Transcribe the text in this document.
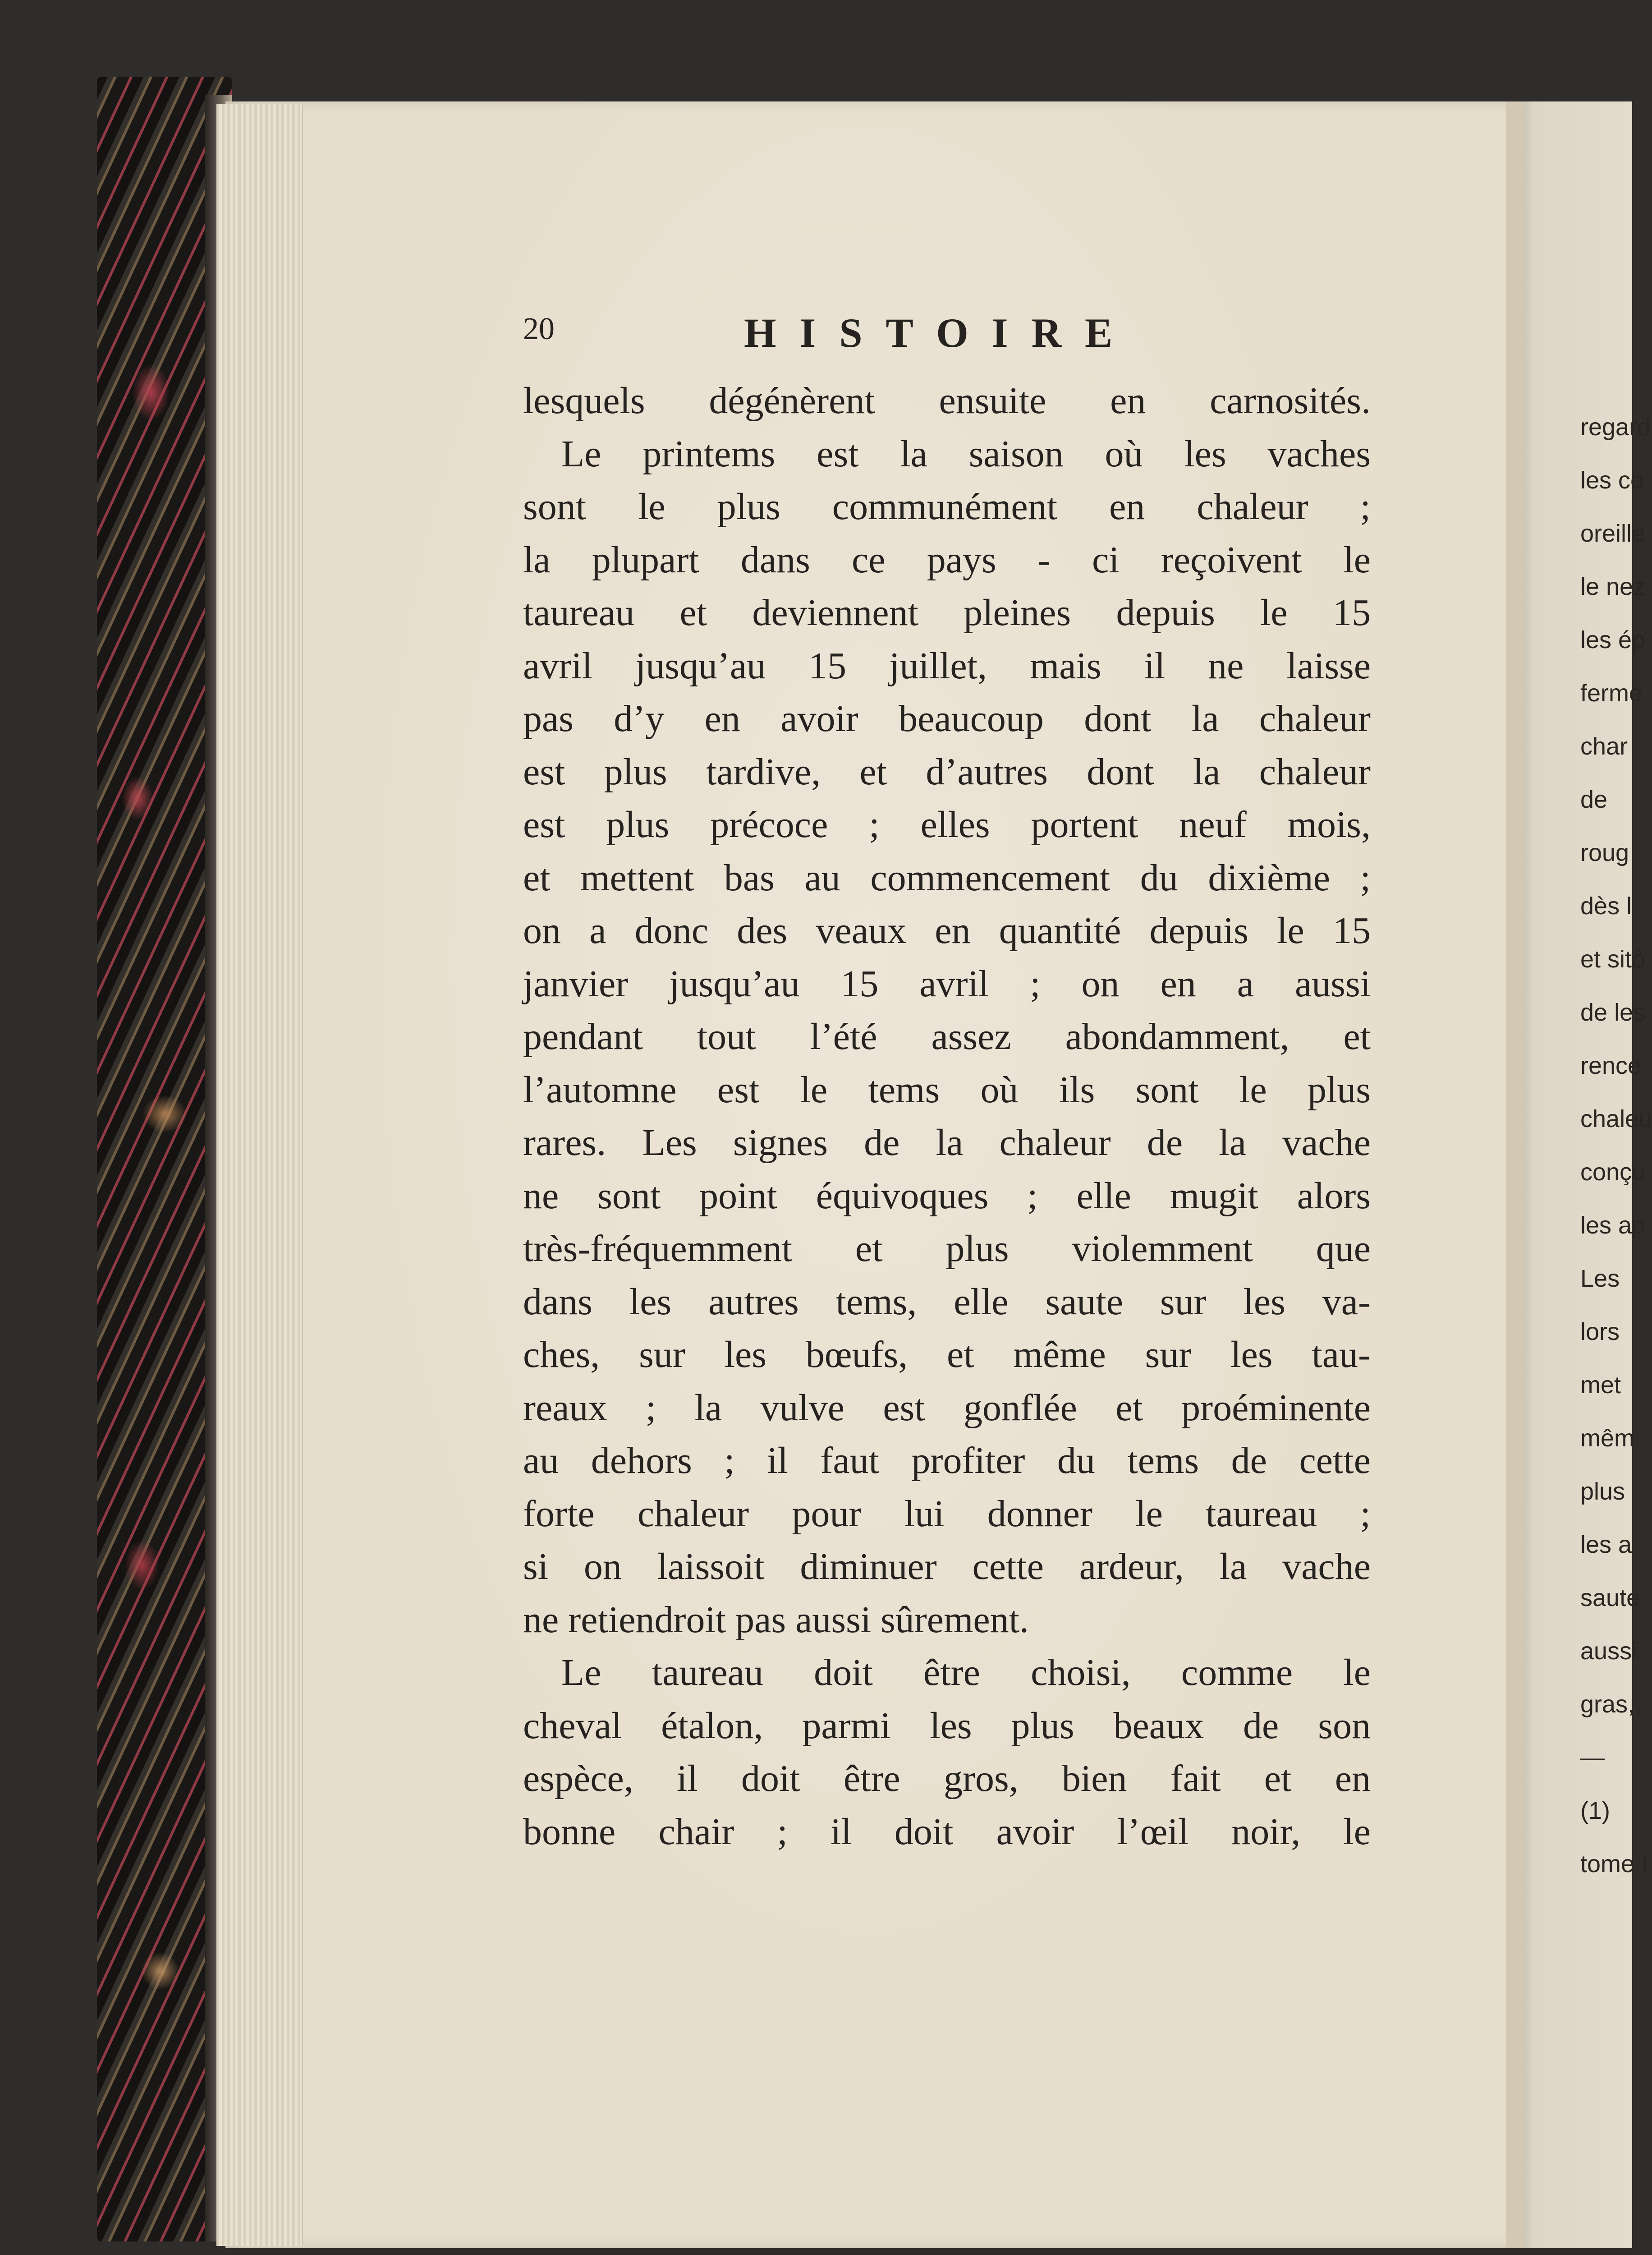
regard
les co
oreille
le nez
les ép
ferme
char
de
roug
dès l
et sitô
de les
rence
chaleu
conçu
les ap
Les
lors
met
mêm
plus
les a
saute
aussi
gras,
—
(1)
tome I
20	HISTOIRE
lesquels dégénèrent ensuite en carnosités.
Le printems est la saison où les vaches
sont le plus communément en chaleur ;
la plupart dans ce pays - ci reçoivent le
taureau et deviennent pleines depuis le 15
avril jusqu’au 15 juillet, mais il ne laisse
pas d’y en avoir beaucoup dont la chaleur
est plus tardive, et d’autres dont la chaleur
est plus précoce ; elles portent neuf mois,
et mettent bas au commencement du dixième ;
on a donc des veaux en quantité depuis le 15
janvier jusqu’au 15 avril ; on en a aussi
pendant tout l’été assez abondamment, et
l’automne est le tems où ils sont le plus
rares. Les signes de la chaleur de la vache
ne sont point équivoques ; elle mugit alors
très-fréquemment et plus violemment que
dans les autres tems, elle saute sur les va-
ches, sur les bœufs, et même sur les tau-
reaux ; la vulve est gonflée et proéminente
au dehors ; il faut profiter du tems de cette
forte chaleur pour lui donner le taureau ;
si on laissoit diminuer cette ardeur, la vache
ne retiendroit pas aussi sûrement.
Le taureau doit être choisi, comme le
cheval étalon, parmi les plus beaux de son
espèce, il doit être gros, bien fait et en
bonne chair ; il doit avoir l’œil noir, le
